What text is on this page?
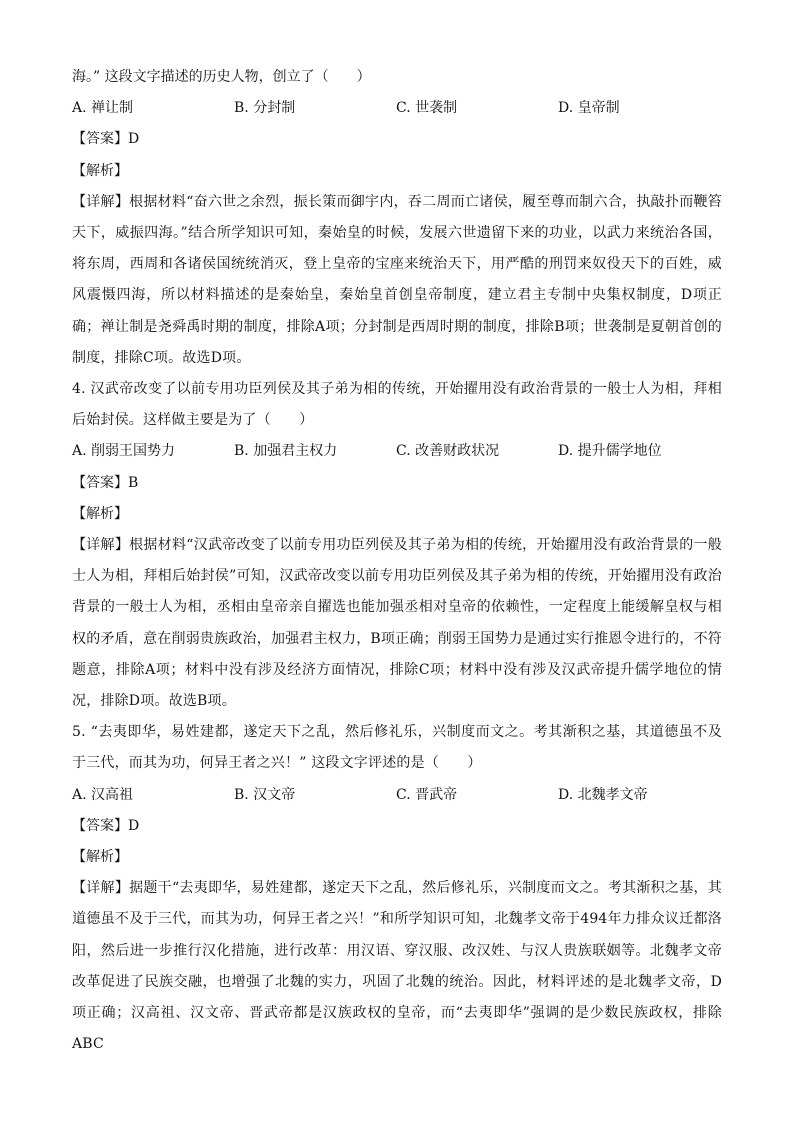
海。” 这段文字描述的历史人物，创立了（　　）

A. 禅让制	B. 分封制	C. 世袭制	D. 皇帝制

【答案】D

【解析】

【详解】根据材料“奋六世之余烈，振长策而御宇内，吞二周而亡诸侯，履至尊而制六合，执敲扑而鞭笞天下，威振四海。”结合所学知识可知，秦始皇的时候，发展六世遗留下来的功业，以武力来统治各国，将东周，西周和各诸侯国统统消灭，登上皇帝的宝座来统治天下，用严酷的刑罚来奴役天下的百姓，威风震慑四海，所以材料描述的是秦始皇，秦始皇首创皇帝制度，建立君主专制中央集权制度，D项正确；禅让制是尧舜禹时期的制度，排除A项；分封制是西周时期的制度，排除B项；世袭制是夏朝首创的制度，排除C项。故选D项。

4. 汉武帝改变了以前专用功臣列侯及其子弟为相的传统，开始擢用没有政治背景的一般士人为相，拜相后始封侯。这样做主要是为了（　　）

A. 削弱王国势力	B. 加强君主权力	C. 改善财政状况	D. 提升儒学地位

【答案】B

【解析】

【详解】根据材料“汉武帝改变了以前专用功臣列侯及其子弟为相的传统，开始擢用没有政治背景的一般士人为相，拜相后始封侯”可知，汉武帝改变以前专用功臣列侯及其子弟为相的传统，开始擢用没有政治背景的一般士人为相，丞相由皇帝亲自擢选也能加强丞相对皇帝的依赖性，一定程度上能缓解皇权与相权的矛盾，意在削弱贵族政治，加强君主权力，B项正确；削弱王国势力是通过实行推恩令进行的，不符题意，排除A项；材料中没有涉及经济方面情况，排除C项；材料中没有涉及汉武帝提升儒学地位的情况，排除D项。故选B项。

5. “去夷即华，易姓建都，遂定天下之乱，然后修礼乐，兴制度而文之。考其渐积之基，其道德虽不及于三代，而其为功，何异王者之兴！” 这段文字评述的是（　　）

A. 汉高祖	B. 汉文帝	C. 晋武帝	D. 北魏孝文帝

【答案】D

【解析】

【详解】据题干“去夷即华，易姓建都，遂定天下之乱，然后修礼乐，兴制度而文之。考其渐积之基，其道德虽不及于三代，而其为功，何异王者之兴！”和所学知识可知，北魏孝文帝于494年力排众议迁都洛阳，然后进一步推行汉化措施，进行改革：用汉语、穿汉服、改汉姓、与汉人贵族联姻等。北魏孝文帝改革促进了民族交融，也增强了北魏的实力，巩固了北魏的统治。因此，材料评述的是北魏孝文帝，D项正确；汉高祖、汉文帝、晋武帝都是汉族政权的皇帝，而“去夷即华”强调的是少数民族政权，排除ABC
